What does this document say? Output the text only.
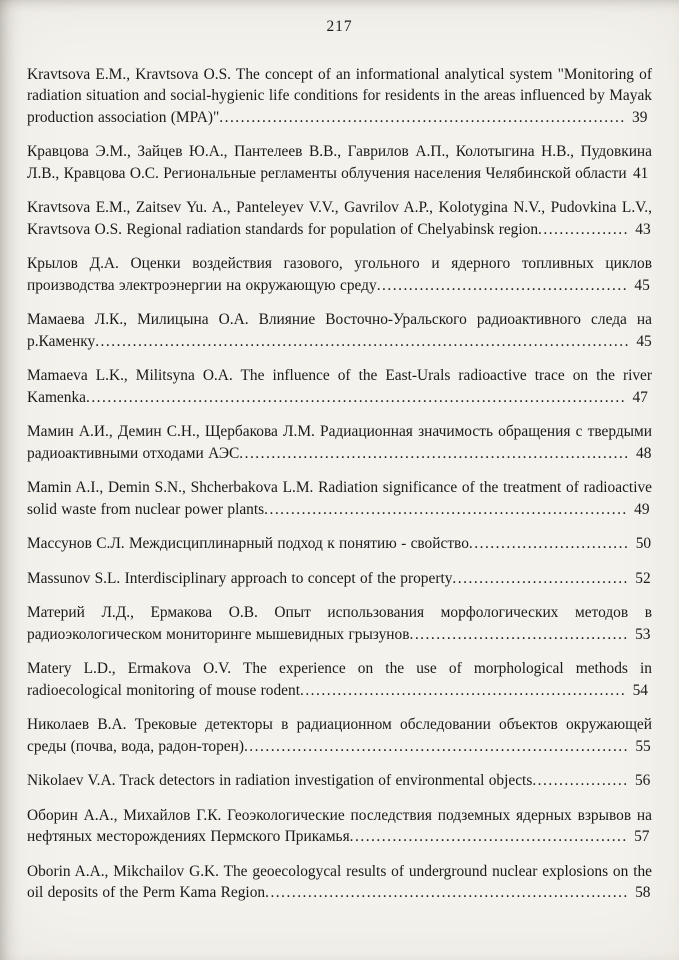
217

Kravtsova E.M., Kravtsova O.S. The concept of an informational analytical system "Monitoring of radiation situation and social-hygienic life conditions for residents in the areas influenced by Mayak production association (MPA)"............................................................................ 39

Кравцова Э.М., Зайцев Ю.А., Пантелеев В.В., Гаврилов А.П., Колотыгина Н.В., Пудовкина Л.В., Кравцова О.С. Региональные регламенты облучения населения Челябинской области 41

Kravtsova E.M., Zaitsev Yu. A., Panteleyev V.V., Gavrilov A.P., Kolotygina N.V., Pudovkina L.V., Kravtsova O.S. Regional radiation standards for population of Chelyabinsk region................. 43

Крылов Д.А. Оценки воздействия газового, угольного и ядерного топливных циклов производства электроэнергии на окружающую среду............................................... 45

Мамаева Л.К., Милицына О.А. Влияние Восточно-Уральского радиоактивного следа на р.Каменку.................................................................................................... 45

Mamaeva L.K., Militsyna O.A. The influence of the East-Urals radioactive trace on the river Kamenka..................................................................................................... 47

Мамин А.И., Демин С.Н., Щербакова Л.М. Радиационная значимость обращения с твердыми радиоактивными отходами АЭС......................................................................... 48

Mamin A.I., Demin S.N., Shcherbakova L.M. Radiation significance of the treatment of radioactive solid waste from nuclear power plants.................................................................... 49

Массунов С.Л. Междисциплинарный подход к понятию - свойство.............................. 50

Massunov S.L. Interdisciplinary approach to concept of the property................................. 52

Материй Л.Д., Ермакова О.В. Опыт использования морфологических методов в радиоэкологическом мониторинге мышевидных грызунов......................................... 53

Matery L.D., Ermakova O.V. The experience on the use of morphological methods in radioecological monitoring of mouse rodent............................................................. 54

Николаев В.А. Трековые детекторы в радиационном обследовании объектов окружающей среды (почва, вода, радон-торен)........................................................................ 55

Nikolaev V.A. Track detectors in radiation investigation of environmental objects.................. 56

Оборин А.А., Михайлов Г.К. Геоэкологические последствия подземных ядерных взрывов на нефтяных месторождениях Пермского Прикамья.................................................... 57

Oborin A.A., Mikchailov G.K. The geoecologycal results of underground nuclear explosions on the oil deposits of the Perm Kama Region.................................................................... 58
